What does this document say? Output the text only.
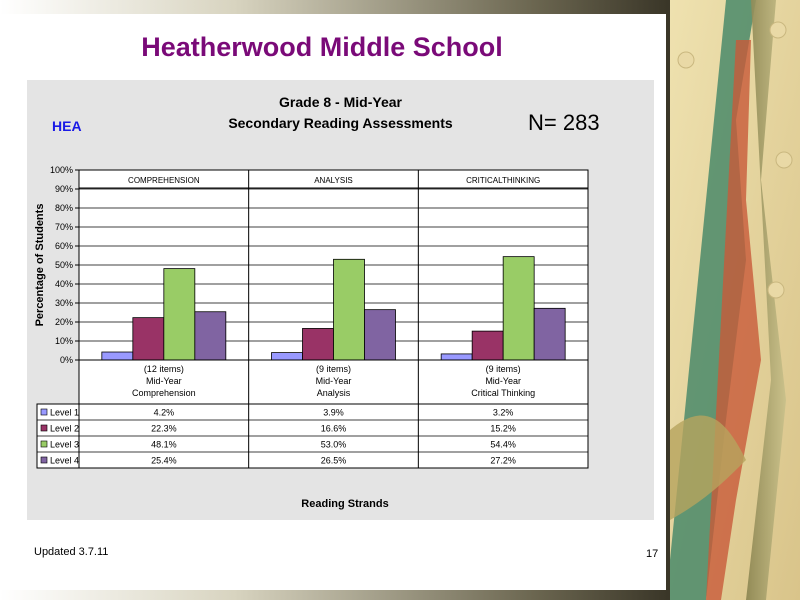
Heatherwood Middle School
HEA
Grade 8 - Mid-Year
Secondary Reading Assessments	N= 283
0%
10%
20%
30%
40%
50%
60%
70%
80%
90%
100%
Percentage of Students
COMPREHENSION	ANALYSIS	CRITICALTHINKING
(12 items)
Mid-Year
Comprehension
(9 items)
Mid-Year
Analysis
(9 items)
Mid-Year
Critical Thinking
Level 1	4.2%	3.9%	3.2%
Level 2	22.3%	16.6%	15.2%
Level 3	48.1%	53.0%	54.4%
Level 4	25.4%	26.5%	27.2%
Reading Strands
Updated 3.7.11	17
